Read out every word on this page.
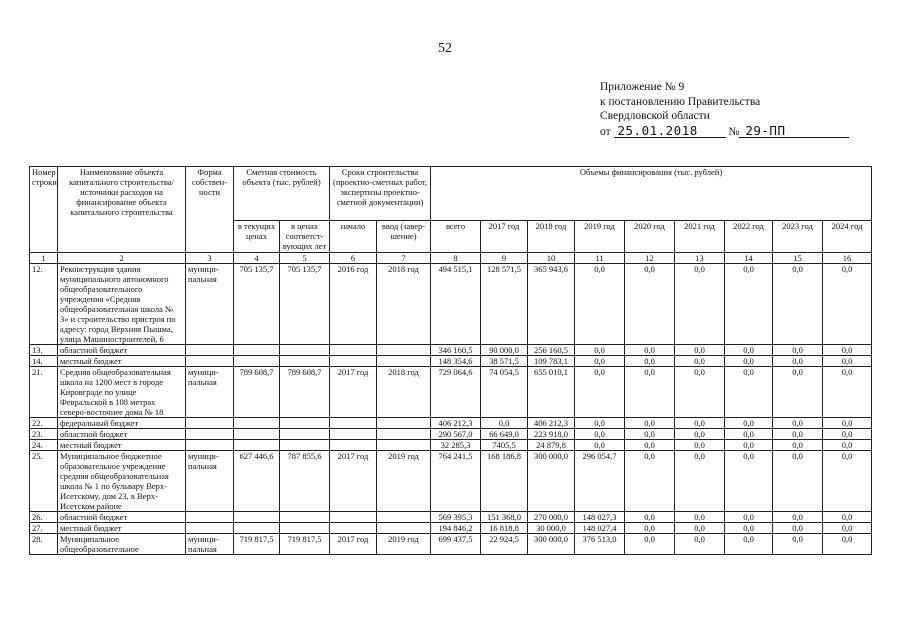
52
Приложение № 9
к постановлению Правительства
Свердловской области
от 25.01.2018	№ 29-ПП
Номер строки	Наименование объекта капитального строительства/ источники расходов на финансирование объекта капитального строительства	Форма собствен-ности	Сметная стоимость объекта (тыс. рублей)		Сроки строительства (проектно-сметных работ, экспертизы проектно-сметной документации)		Объемы финансирования (тыс. рублей)								
			в текущих ценах	в ценах соответст-вующих лет	начало	ввод (завер-шение)	всего	2017 год	2018 год	2019 год	2020 год	2021 год	2022 год	2023 год	2024 год
1	2	3	4	5	6	7	8	9	10	11	12	13	14	15	16
12.	Реконструкция здания муниципального автономного общеобразовательного учреждения «Средняя общеобразовательная школа № 3» и строительство пристроя по адресу: город Верхняя Пышма, улица Машиностроителей, 6	муници-пальная	705 135,7	705 135,7	2016 год	2018 год	494 515,1	128 571,5	365 943,6	0,0	0,0	0,0	0,0	0,0	0,0
13.	областной бюджет						346 160,5	90 000,0	256 160,5	0,0	0,0	0,0	0,0	0,0	0,0
14.	местный бюджет						148 354,6	38 571,5	109 783,1	0,0	0,0	0,0	0,0	0,0	0,0
21.	Средняя общеобразовательная школа на 1200 мест в городе Кировграде по улице Февральской в 108 метрах северо-восточнее дома № 18	муници-пальная	789 608,7	789 608,7	2017 год	2018 год	729 064,6	74 054,5	655 010,1	0,0	0,0	0,0	0,0	0,0	0,0
22.	федеральный бюджет						406 212,3	0,0	406 212,3	0,0	0,0	0,0	0,0	0,0	0,0
23.	областной бюджет						290 567,0	66 649,0	223 918,0	0,0	0,0	0,0	0,0	0,0	0,0
24.	местный бюджет						32 285,3	7405,5	24 879,8	0,0	0,0	0,0	0,0	0,0	0,0
25.	Муниципальное бюджетное образовательное учреждение средняя общеобразовательная школа № 1 по бульвару Верх-Исетскому, дом 23, в Верх-Исетском районе	муници-пальная	627 446,6	787 855,6	2017 год	2019 год	764 241,5	168 186,8	300 000,0	296 054,7	0,0	0,0	0,0	0,0	0,0
26.	областной бюджет						569 395,3	151 368,0	270 000,0	148 027,3	0,0	0,0	0,0	0,0	0,0
27.	местный бюджет						194 846,2	16 818,8	30 000,0	148 027,4	0,0	0,0	0,0	0,0	0,0
28.	Муниципальное общеобразовательное	муници-пальная	719 817,5	719 817,5	2017 год	2019 год	699 437,5	22 924,5	300 000,0	376 513,0	0,0	0,0	0,0	0,0	0,0
